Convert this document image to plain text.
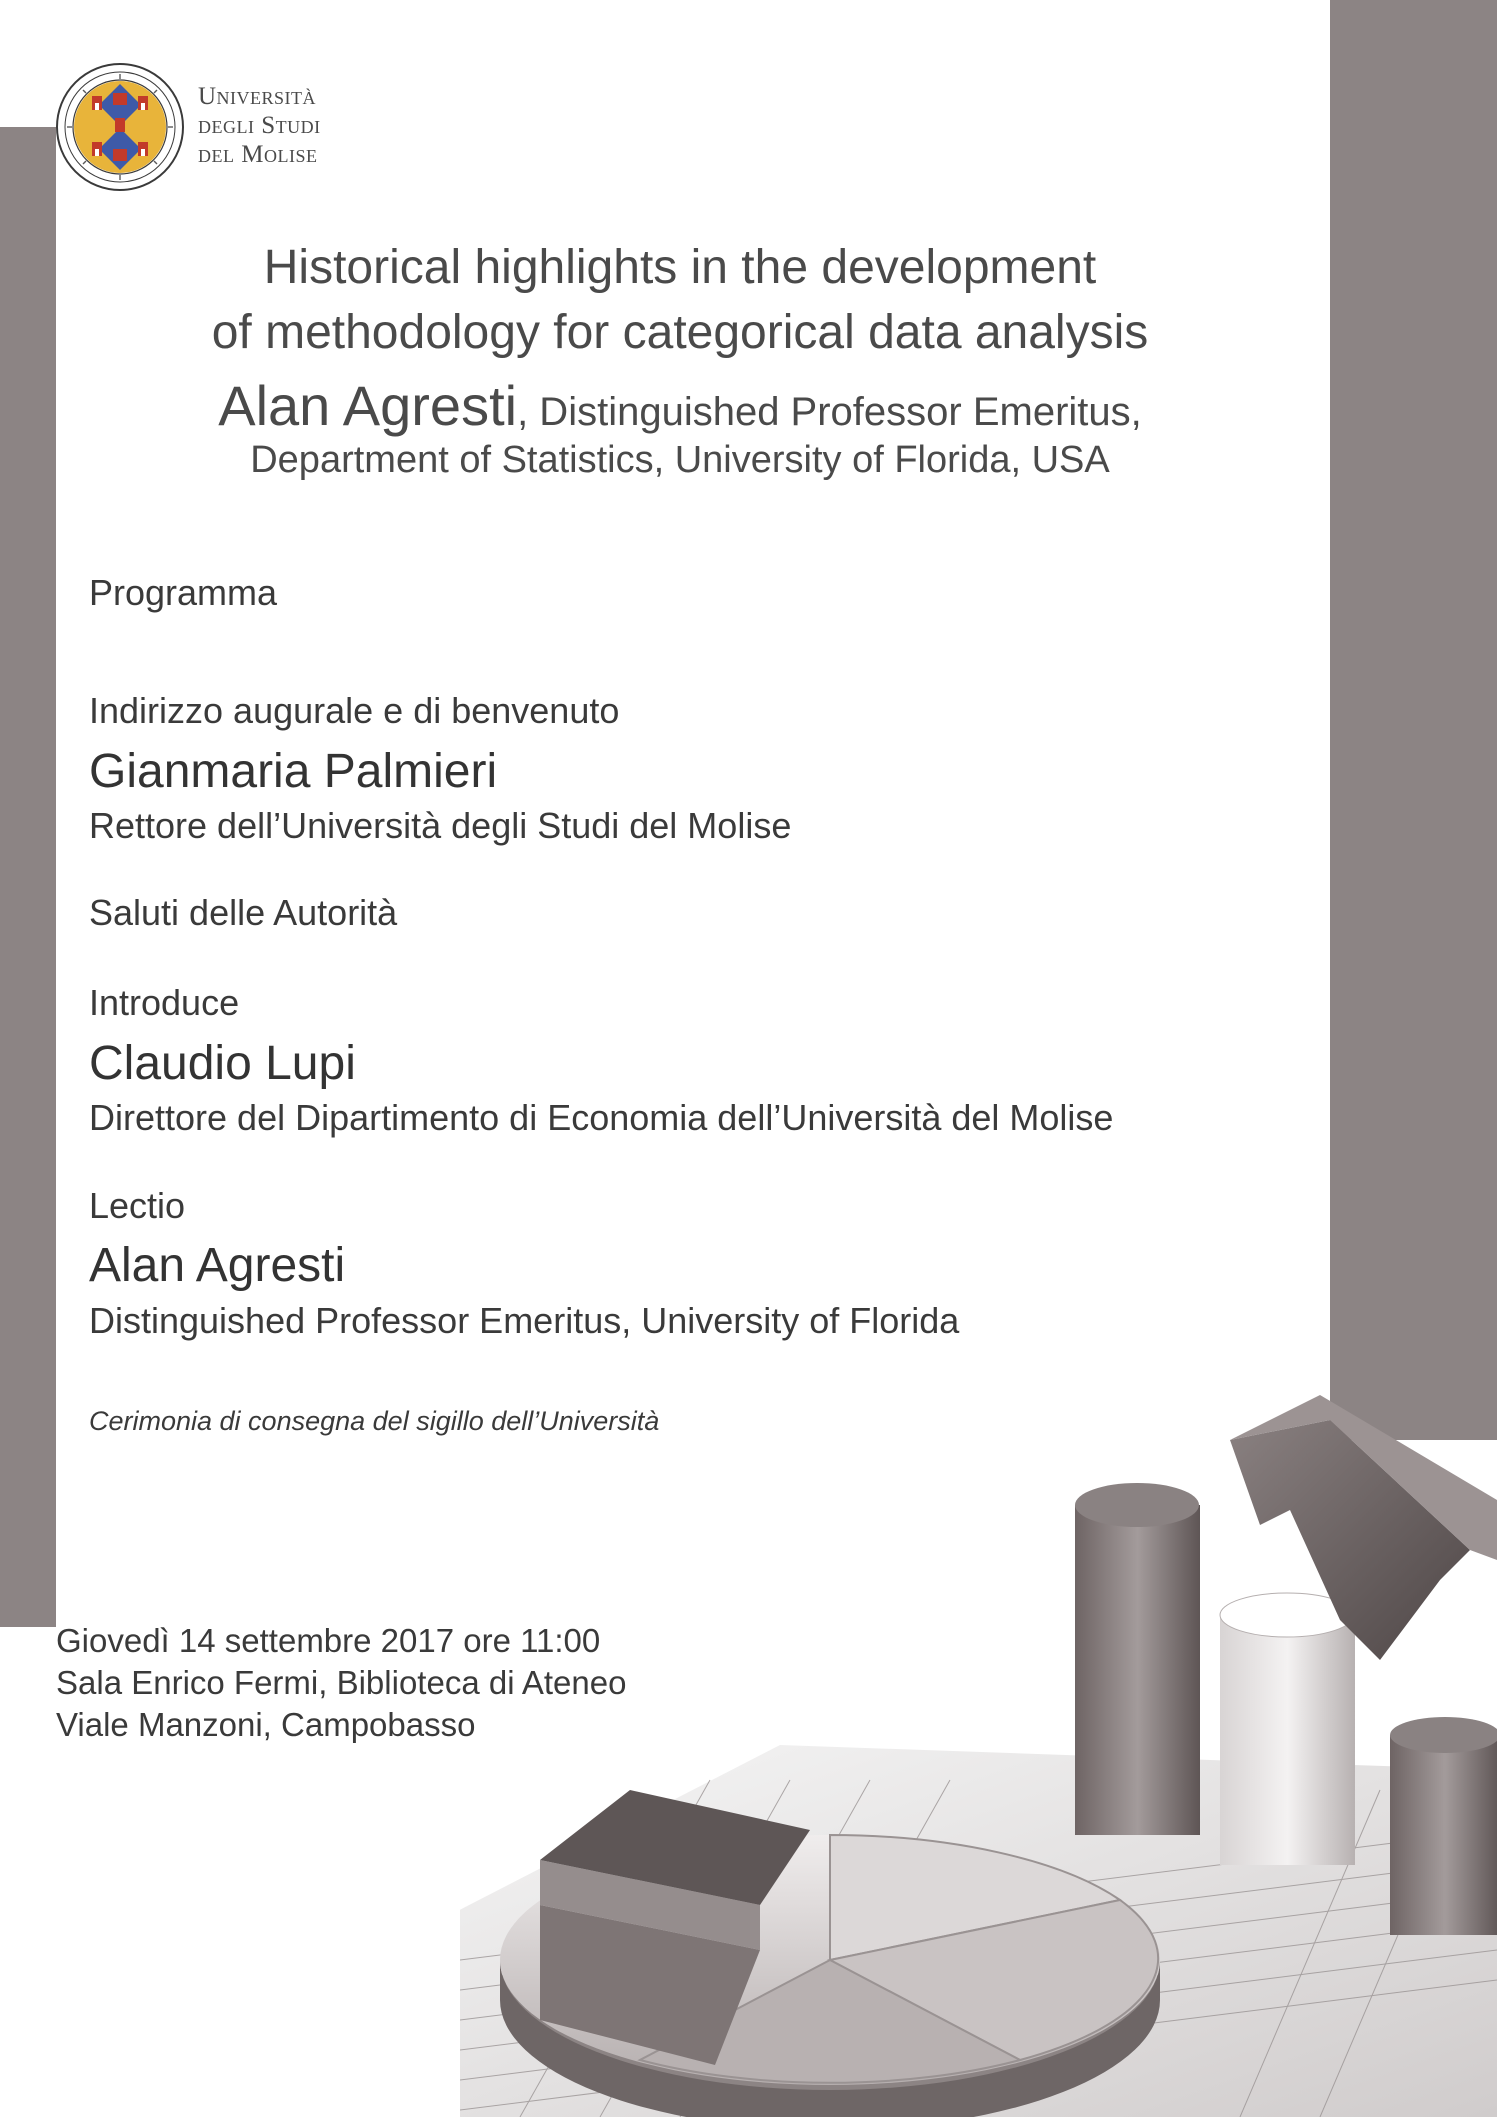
Università
degli Studi
del Molise
Historical highlights in the development
of methodology for categorical data analysis
Alan Agresti, Distinguished Professor Emeritus,
Department of Statistics, University of Florida, USA
Programma
Indirizzo augurale e di benvenuto
Gianmaria Palmieri
Rettore dell’Università degli Studi del Molise
Saluti delle Autorità
Introduce
Claudio Lupi
Direttore del Dipartimento di Economia dell’Università del Molise
Lectio
Alan Agresti
Distinguished Professor Emeritus, University of Florida
Cerimonia di consegna del sigillo dell’Università
Giovedì 14 settembre 2017 ore 11:00
Sala Enrico Fermi, Biblioteca di Ateneo
Viale Manzoni, Campobasso
